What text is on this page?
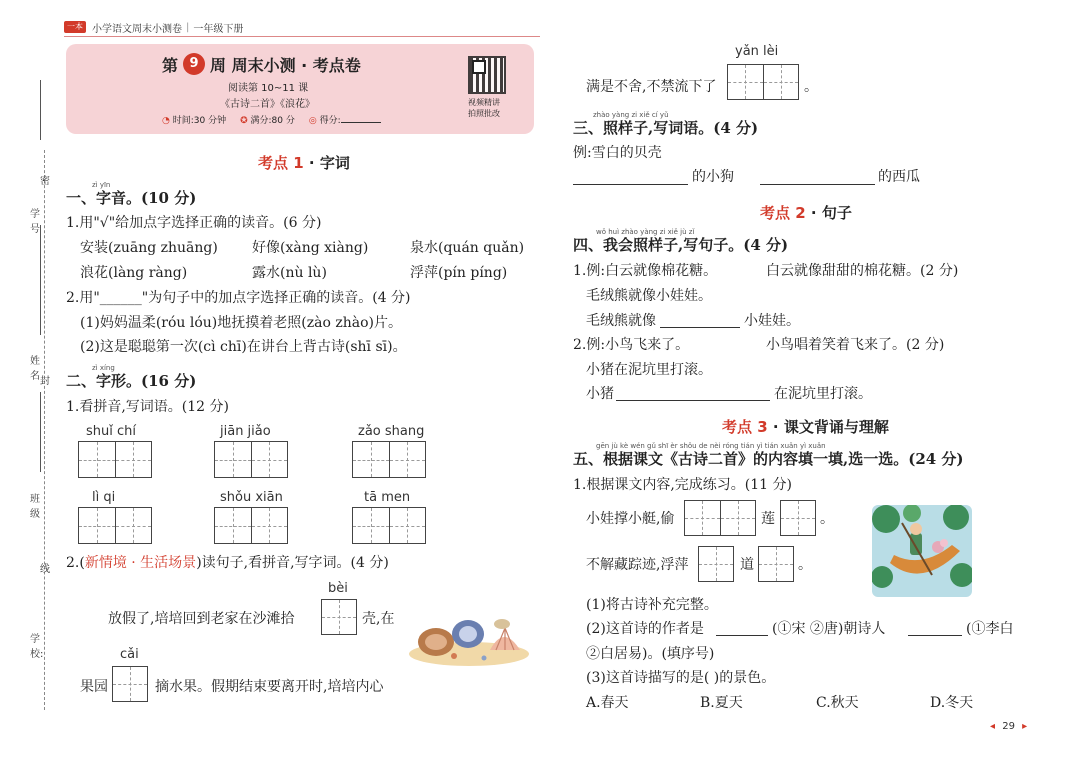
一本 小学语文周末小测卷 | 一年级下册
密
学号
姓名 封
班级
线
学校:
第 9 周 周末小测 · 考点卷
阅读第 10~11 课
《古诗二首》《浪花》
◔ 时间:30 分钟 ✪ 满分:80 分 ◎ 得分:
视频精讲
拍照批改
考点 1 · 字词
zì yīn
一、字音。(10 分)
1.用"√"给加点字选择正确的读音。(6 分)
安装(zuāng zhuāng) 好像(xàng xiàng)	泉水(quán quǎn)
浪花(làng ràng)	露水(nù lù)	浮萍(pín píng)
2.用"______"为句子中的加点字选择正确的读音。(4 分)
(1)妈妈温柔(róu lóu)地抚摸着老照(zào zhào)片。
(2)这是聪聪第一次(cì chī)在讲台上背古诗(shī sī)。
zì xíng
二、字形。(16 分)
1.看拼音,写词语。(12 分)
shuǐ chí	jiān jiǎo	zǎo shang
lì qi	shǒu xiān	tā men
2.(新情境 · 生活场景)读句子,看拼音,写字词。(4 分)
bèi
放假了,培培回到老家在沙滩拾	壳,在
cǎi
果园	摘水果。假期结束要离开时,培培内心
yǎn lèi
满是不舍,不禁流下了	。
zhào yàng zi xiě cí yǔ
三、照样子,写词语。(4 分)
例:雪白的贝壳
的小狗	的西瓜
考点 2 · 句子
wǒ huì zhào yàng zi xiě jù zǐ
四、我会照样子,写句子。(4 分)
1.例:白云就像棉花糖。	白云就像甜甜的棉花糖。(2 分)
毛绒熊就像小娃娃。
毛绒熊就像	小娃娃。
2.例:小鸟飞来了。	小鸟唱着笑着飞来了。(2 分)
小猪在泥坑里打滚。
小猪	在泥坑里打滚。
考点 3 · 课文背诵与理解
gēn jù kè wén gǔ shī èr shǒu de nèi róng tián yì tián xuǎn yì xuǎn
五、根据课文《古诗二首》的内容填一填,选一选。(24 分)
1.根据课文内容,完成练习。(11 分)
小娃撑小艇,偷	莲	。
不解藏踪迹,浮萍	道	。
(1)将古诗补充完整。
(2)这首诗的作者是	(①宋 ②唐)朝诗人	(①李白
②白居易)。(填序号)
(3)这首诗描写的是( )的景色。
A.春天	B.夏天	C.秋天	D.冬天
◂ 29 ▸
